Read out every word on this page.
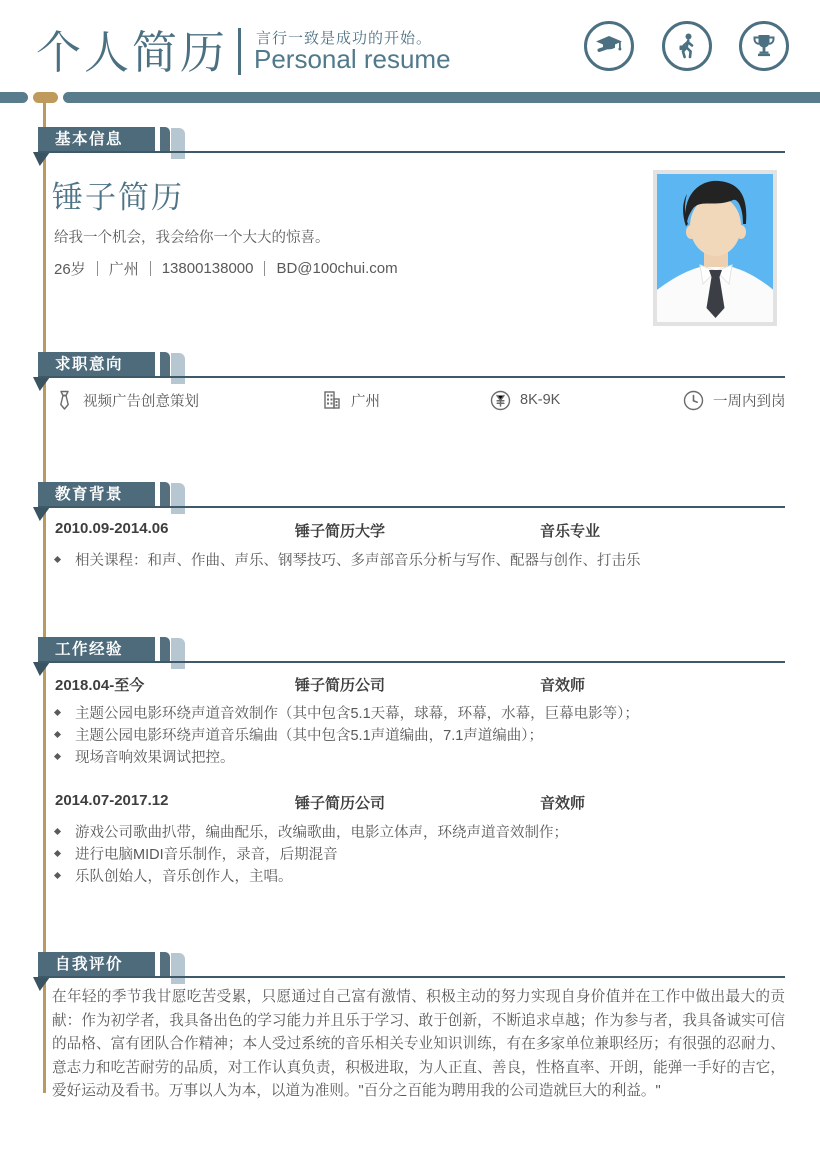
个人简历 言行一致是成功的开始。
Personal resume
基本信息
锤子简历
给我一个机会，我会给你一个大大的惊喜。
26岁 广州 13800138000 BD@100chui.com
求职意向
视频广告创意策划	广州	8K-9K	一周内到岗
教育背景
2010.09-2014.06	锤子简历大学	音乐专业
相关课程：和声、作曲、声乐、钢琴技巧、多声部音乐分析与写作、配器与创作、打击乐
工作经验
2018.04-至今	锤子简历公司	音效师
主题公园电影环绕声道音效制作（其中包含5.1天幕，球幕，环幕，水幕，巨幕电影等）；
主题公园电影环绕声道音乐编曲（其中包含5.1声道编曲，7.1声道编曲）；
现场音响效果调试把控。
2014.07-2017.12	锤子简历公司	音效师
游戏公司歌曲扒带，编曲配乐，改编歌曲，电影立体声，环绕声道音效制作；
进行电脑MIDI音乐制作，录音，后期混音
乐队创始人，音乐创作人，主唱。
自我评价
在年轻的季节我甘愿吃苦受累，只愿通过自己富有激情、积极主动的努力实现自身价值并在工作中做出最大的贡献：作为初学者，我具备出色的学习能力并且乐于学习、敢于创新，不断追求卓越；作为参与者，我具备诚实可信的品格、富有团队合作精神；本人受过系统的音乐相关专业知识训练，有在多家单位兼职经历；有很强的忍耐力、意志力和吃苦耐劳的品质，对工作认真负责，积极进取，为人正直、善良，性格直率、开朗，能弹一手好的吉它，爱好运动及看书。万事以人为本，以道为准则。"百分之百能为聘用我的公司造就巨大的利益。"
